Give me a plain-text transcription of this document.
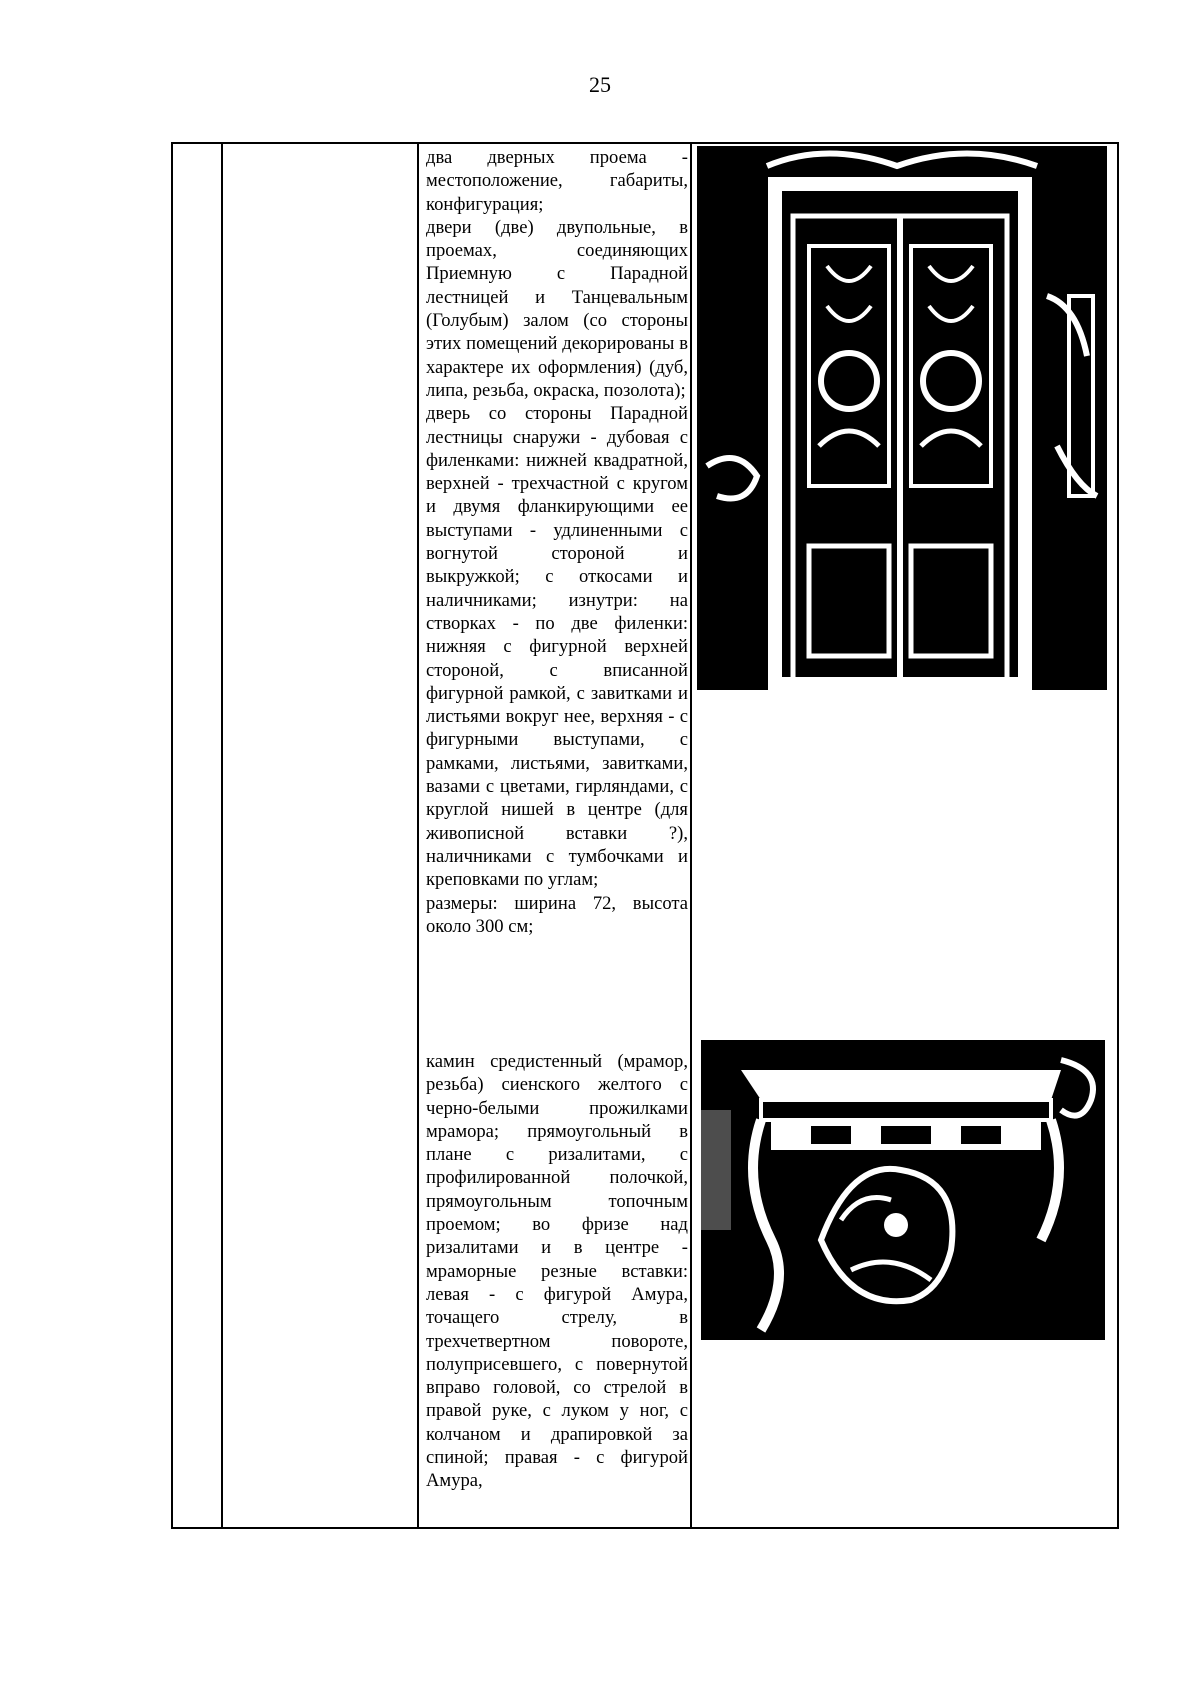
25

два дверных проема - местоположение, габариты, конфигурация;

двери (две) двупольные, в проемах, соединяющих Приемную с Парадной лестницей и Танцевальным (Голубым) залом (со стороны этих помещений декорированы в характере их оформления) (дуб, липа, резьба, окраска, позолота);

дверь со стороны Парадной лестницы снаружи - дубовая с филенками: нижней квадратной, верхней - трехчастной с кругом и двумя фланкирующими ее выступами - удлиненными с вогнутой стороной и выкружкой; с откосами и наличниками; изнутри: на створках - по две филенки: нижняя с фигурной верхней стороной, с вписанной фигурной рамкой, с завитками и листьями вокруг нее, верхняя - с фигурными выступами, с рамками, листьями, завитками, вазами с цветами, гирляндами, с круглой нишей в центре (для живописной вставки ?), наличниками с тумбочками и креповками по углам;

размеры: ширина 72, высота около 300 см;

камин средистенный (мрамор, резьба) сиенского желтого с черно-белыми прожилками мрамора; прямоугольный в плане с ризалитами, с профилированной полочкой, прямоугольным топочным проемом; во фризе над ризалитами и в центре - мраморные резные вставки: левая - с фигурой Амура, точащего стрелу, в трехчетвертном повороте, полуприсевшего, с повернутой вправо головой, со стрелой в правой руке, с луком у ног, с колчаном и драпировкой за спиной; правая - с фигурой Амура,
